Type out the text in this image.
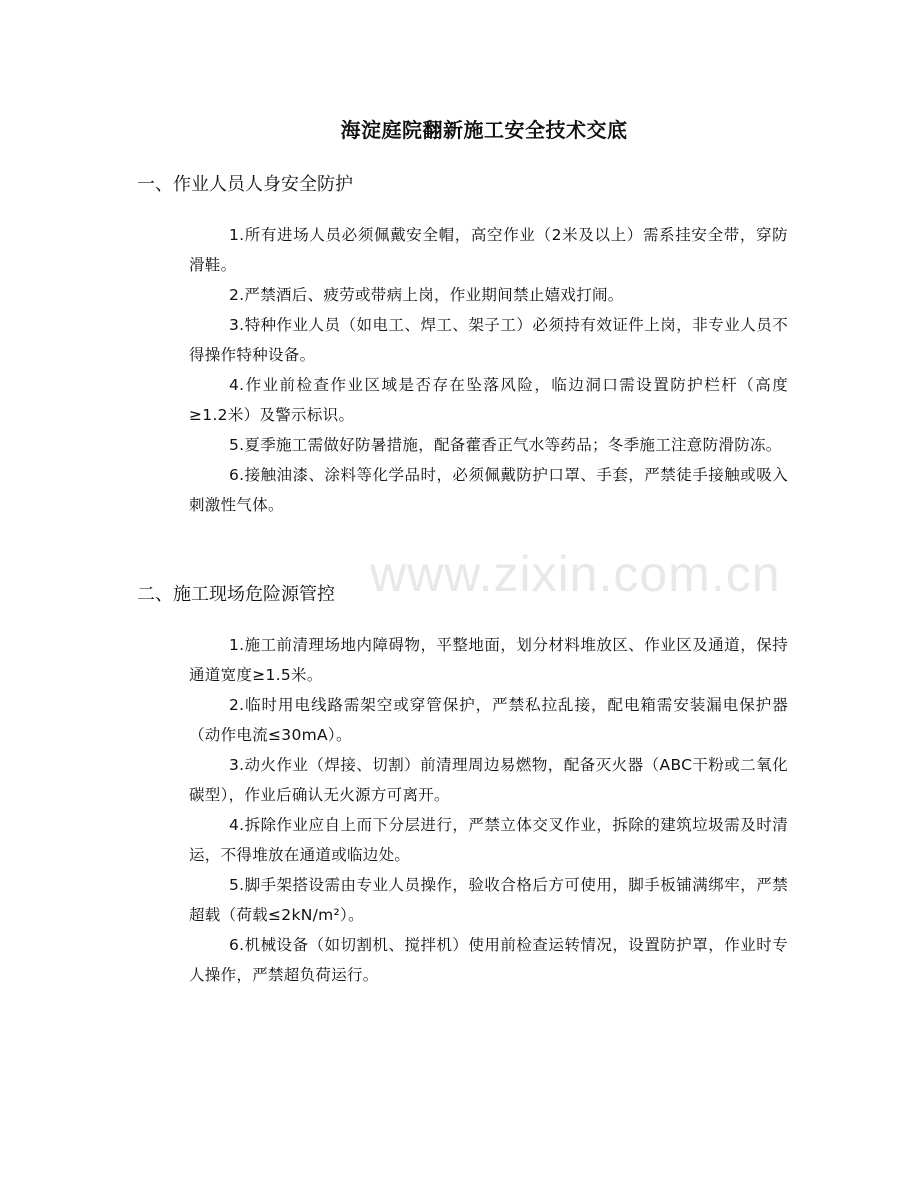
海淀庭院翻新施工安全技术交底
一、作业人员人身安全防护
1.所有进场人员必须佩戴安全帽，高空作业（2米及以上）需系挂安全带，穿防滑鞋。
2.严禁酒后、疲劳或带病上岗，作业期间禁止嬉戏打闹。
3.特种作业人员（如电工、焊工、架子工）必须持有效证件上岗，非专业人员不得操作特种设备。
4.作业前检查作业区域是否存在坠落风险，临边洞口需设置防护栏杆（高度≥1.2米）及警示标识。
5.夏季施工需做好防暑措施，配备藿香正气水等药品；冬季施工注意防滑防冻。
6.接触油漆、涂料等化学品时，必须佩戴防护口罩、手套，严禁徒手接触或吸入刺激性气体。
二、施工现场危险源管控
1.施工前清理场地内障碍物，平整地面，划分材料堆放区、作业区及通道，保持通道宽度≥1.5米。
2.临时用电线路需架空或穿管保护，严禁私拉乱接，配电箱需安装漏电保护器（动作电流≤30mA）。
3.动火作业（焊接、切割）前清理周边易燃物，配备灭火器（ABC干粉或二氧化碳型），作业后确认无火源方可离开。
4.拆除作业应自上而下分层进行，严禁立体交叉作业，拆除的建筑垃圾需及时清运，不得堆放在通道或临边处。
5.脚手架搭设需由专业人员操作，验收合格后方可使用，脚手板铺满绑牢，严禁超载（荷载≤2kN/m²）。
6.机械设备（如切割机、搅拌机）使用前检查运转情况，设置防护罩，作业时专人操作，严禁超负荷运行。
www.zixin.com.cn
